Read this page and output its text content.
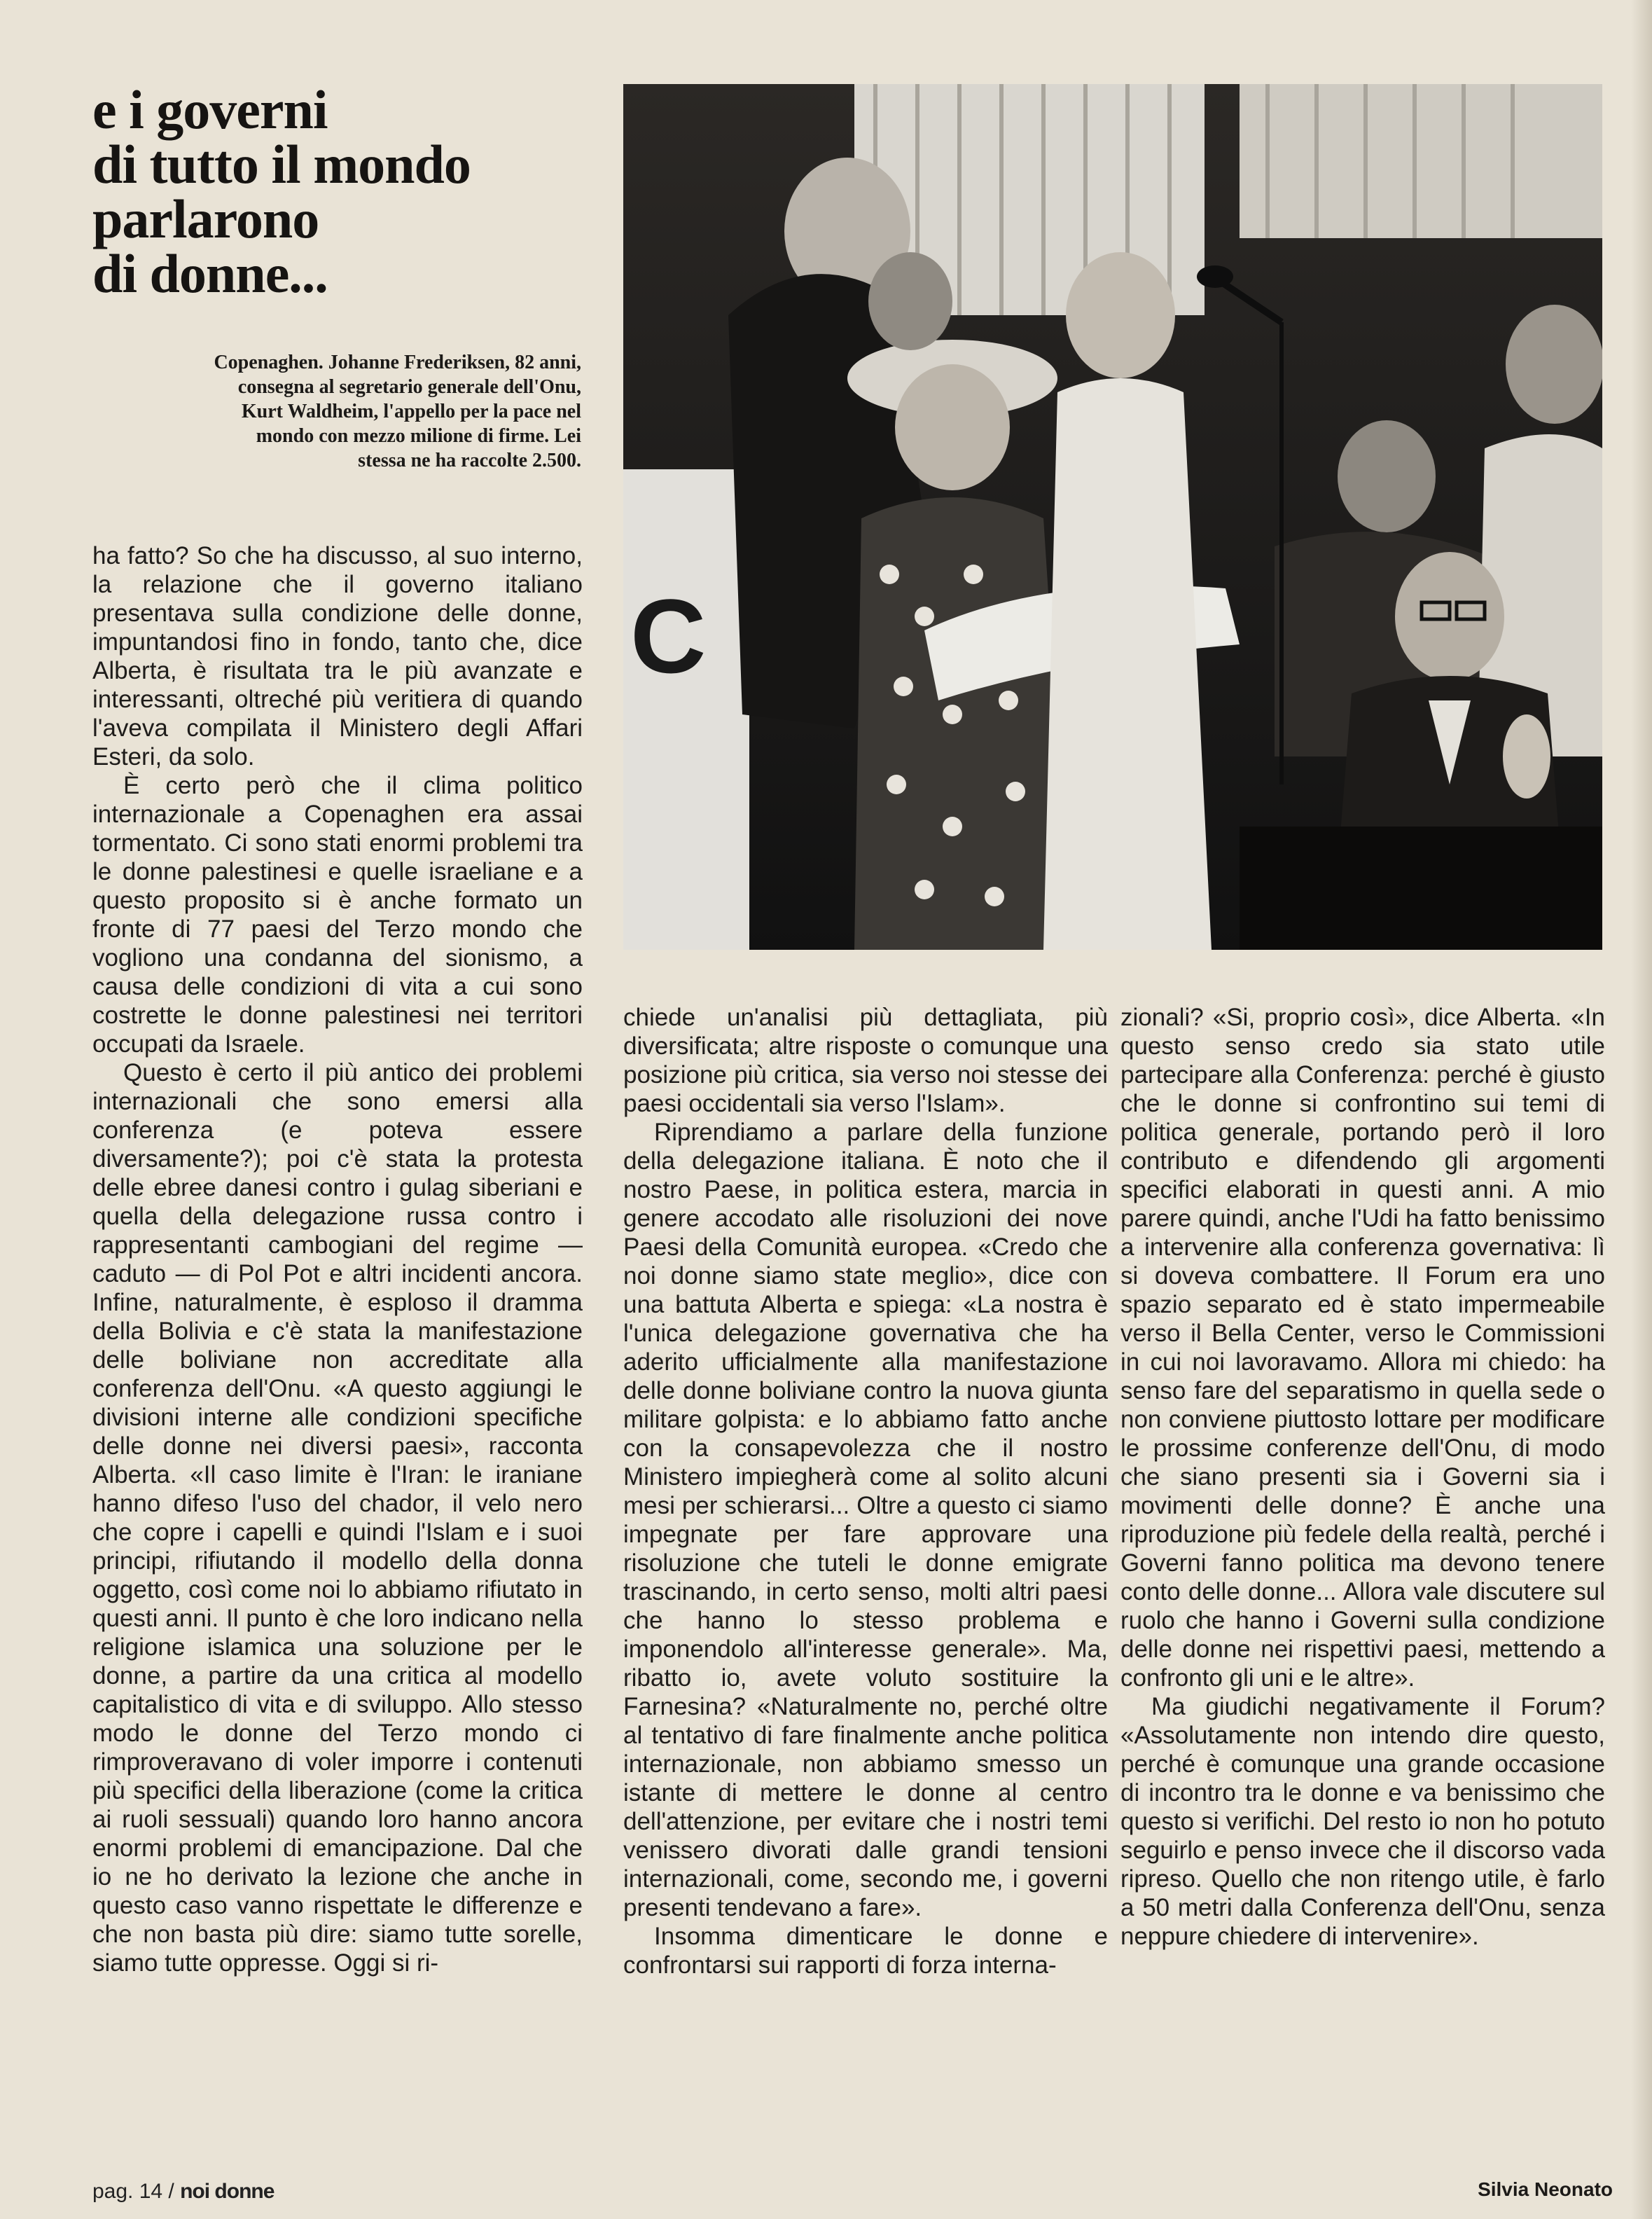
e i governi
di tutto il mondo
parlarono
di donne...

Copenaghen. Johanne Frederiksen, 82 anni, consegna al segretario generale dell'Onu, Kurt Waldheim, l'appello per la pace nel mondo con mezzo milione di firme. Lei stessa ne ha raccolte 2.500.

C

ha fatto? So che ha discusso, al suo interno, la relazione che il governo italiano presentava sulla condizione delle donne, impuntandosi fino in fondo, tanto che, dice Alberta, è risultata tra le più avanzate e interessanti, oltreché più veritiera di quando l'aveva compilata il Ministero degli Affari Esteri, da solo.

È certo però che il clima politico internazionale a Copenaghen era assai tormentato. Ci sono stati enormi problemi tra le donne palestinesi e quelle israeliane e a questo proposito si è anche formato un fronte di 77 paesi del Terzo mondo che vogliono una condanna del sionismo, a causa delle condizioni di vita a cui sono costrette le donne palestinesi nei territori occupati da Israele.

Questo è certo il più antico dei problemi internazionali che sono emersi alla conferenza (e poteva essere diversamente?); poi c'è stata la protesta delle ebree danesi contro i gulag siberiani e quella della delegazione russa contro i rappresentanti cambogiani del regime — caduto — di Pol Pot e altri incidenti ancora. Infine, naturalmente, è esploso il dramma della Bolivia e c'è stata la manifestazione delle boliviane non accreditate alla conferenza dell'Onu. «A questo aggiungi le divisioni interne alle condizioni specifiche delle donne nei diversi paesi», racconta Alberta. «Il caso limite è l'Iran: le iraniane hanno difeso l'uso del chador, il velo nero che copre i capelli e quindi l'Islam e i suoi principi, rifiutando il modello della donna oggetto, così come noi lo abbiamo rifiutato in questi anni. Il punto è che loro indicano nella religione islamica una soluzione per le donne, a partire da una critica al modello capitalistico di vita e di sviluppo. Allo stesso modo le donne del Terzo mondo ci rimproveravano di voler imporre i contenuti più specifici della liberazione (come la critica ai ruoli sessuali) quando loro hanno ancora enormi problemi di emancipazione. Dal che io ne ho derivato la lezione che anche in questo caso vanno rispettate le differenze e che non basta più dire: siamo tutte sorelle, siamo tutte oppresse. Oggi si ri-

chiede un'analisi più dettagliata, più diversificata; altre risposte o comunque una posizione più critica, sia verso noi stesse dei paesi occidentali sia verso l'Islam».

Riprendiamo a parlare della funzione della delegazione italiana. È noto che il nostro Paese, in politica estera, marcia in genere accodato alle risoluzioni dei nove Paesi della Comunità europea. «Credo che noi donne siamo state meglio», dice con una battuta Alberta e spiega: «La nostra è l'unica delegazione governativa che ha aderito ufficialmente alla manifestazione delle donne boliviane contro la nuova giunta militare golpista: e lo abbiamo fatto anche con la consapevolezza che il nostro Ministero impiegherà come al solito alcuni mesi per schierarsi... Oltre a questo ci siamo impegnate per fare approvare una risoluzione che tuteli le donne emigrate trascinando, in certo senso, molti altri paesi che hanno lo stesso problema e imponendolo all'interesse generale». Ma, ribatto io, avete voluto sostituire la Farnesina? «Naturalmente no, perché oltre al tentativo di fare finalmente anche politica internazionale, non abbiamo smesso un istante di mettere le donne al centro dell'attenzione, per evitare che i nostri temi venissero divorati dalle grandi tensioni internazionali, come, secondo me, i governi presenti tendevano a fare».

Insomma dimenticare le donne e confrontarsi sui rapporti di forza interna-

zionali? «Si, proprio così», dice Alberta. «In questo senso credo sia stato utile partecipare alla Conferenza: perché è giusto che le donne si confrontino sui temi di politica generale, portando però il loro contributo e difendendo gli argomenti specifici elaborati in questi anni. A mio parere quindi, anche l'Udi ha fatto benissimo a intervenire alla conferenza governativa: lì si doveva combattere. Il Forum era uno spazio separato ed è stato impermeabile verso il Bella Center, verso le Commissioni in cui noi lavoravamo. Allora mi chiedo: ha senso fare del separatismo in quella sede o non conviene piuttosto lottare per modificare le prossime conferenze dell'Onu, di modo che siano presenti sia i Governi sia i movimenti delle donne? È anche una riproduzione più fedele della realtà, perché i Governi fanno politica ma devono tenere conto delle donne... Allora vale discutere sul ruolo che hanno i Governi sulla condizione delle donne nei rispettivi paesi, mettendo a confronto gli uni e le altre».

Ma giudichi negativamente il Forum? «Assolutamente non intendo dire questo, perché è comunque una grande occasione di incontro tra le donne e va benissimo che questo si verifichi. Del resto io non ho potuto seguirlo e penso invece che il discorso vada ripreso. Quello che non ritengo utile, è farlo a 50 metri dalla Conferenza dell'Onu, senza neppure chiedere di intervenire».

Silvia Neonato

pag. 14 / noi donne
